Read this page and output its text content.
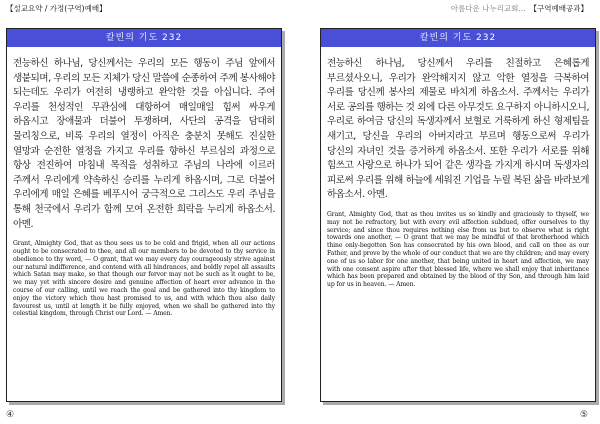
【설교요약 / 가정(구역)예배】	아름다운 나누리교회... 【구역예배공과】
칼빈의 기도 232
전능하신 하나님, 당신께서는 우리의 모든 행동이 주님 앞에서 생붙되며, 우리의 모든 지체가 당신 말씀에 순종하여 주께 봉사해야 되는데도 우리가 여전히 냉랭하고 완악한 것을 아십니다. 주여 우리를 천성적인 무관심에 대항하여 매일매일 힘써 싸우게 하옵시고 장애물과 더불어 투쟁하며, 사단의 공격을 담대히 물리칭으로, 비록 우리의 열정이 아직은 충분치 못해도 진실한 열망과 순전한 열정을 가지고 우리를 향하신 부르심의 과정으로 항상 전진하여 마침내 목적을 성취하고 주님의 나라에 이르러 주께서 우리에게 약속하신 승리를 누리게 하옵시며, 그로 더불어 우리에게 매일 은혜를 베푸시어 궁극적으로 그리스도 우리 주님을 통해 천국에서 우리가 함께 모여 온전한 희락을 누리게 하옵소서. 아멘.
Grant, Almighty God, that as thou sees us to be cold and frigid, when all our actions ought to be consecrated to thee, and all our members to be devoted to thy service in obedience to thy word, — O grant, that we may every day courageously strive against our natural indifference, and contend with all hindrances, and boldly repel all assaults which Satan may make, so that though our fervor may not be such as it ought to be, we may yet with sincere desire and genuine affection of heart ever advance in the course of our calling, until we reach the goal and be gathered into thy kingdom to enjoy the victory which thou hast promised to us, and with which thou also daily favourest us, until at length it be fully enjoyed, when we shall be gathered into thy celestial kingdom, through Christ our Lord. — Amen.
④
칼빈의 기도 232
전능하신 하나님, 당신께서 우리를 친절하고 은혜롭게 부르셨사오니, 우리가 완악해지지 않고 악한 열정을 극복하여 우리를 당신께 봉사의 제물로 바치게 하옵소서. 주께서는 우리가 서로 공의를 행하는 것 외에 다른 아무것도 요구하지 아니하시오니, 우리로 하여금 당신의 독생자께서 보혈로 거룩하게 하신 형제팀을 새기고, 당신을 우리의 아버지라고 부르며 행동으로써 우리가 당신의 자녀인 것을 증거하게 하옵소서. 또한 우리가 서로를 위해 힘쓰고 사랑으로 하나가 되어 같은 생각을 가지게 하시며 독생자의 피로써 우리를 위해 하늘에 세워진 기업을 누릴 복된 삶을 바라보게 하옵소서. 아멘.
Grant, Almighty God, that as thou invites us so kindly and graciously to thyself, we may not be refractory, but with every evil affection subdued, offer ourselves to thy service; and since thou requires nothing else from us but to observe what is right towards one another, — O grant that we may be mindful of that brotherhood which thine only-begotten Son has consecrated by his own blood, and call on thee as our Father, and prove by the whole of our conduct that we are thy children; and may every one of us so labor for one another, that being united in heart and affection, we may with one consent aspire after that blessed life, where we shall enjoy that inheritance which has been prepared and obtained by the blood of thy Son, and through him laid up for us in heaven. — Amen.
⑤
